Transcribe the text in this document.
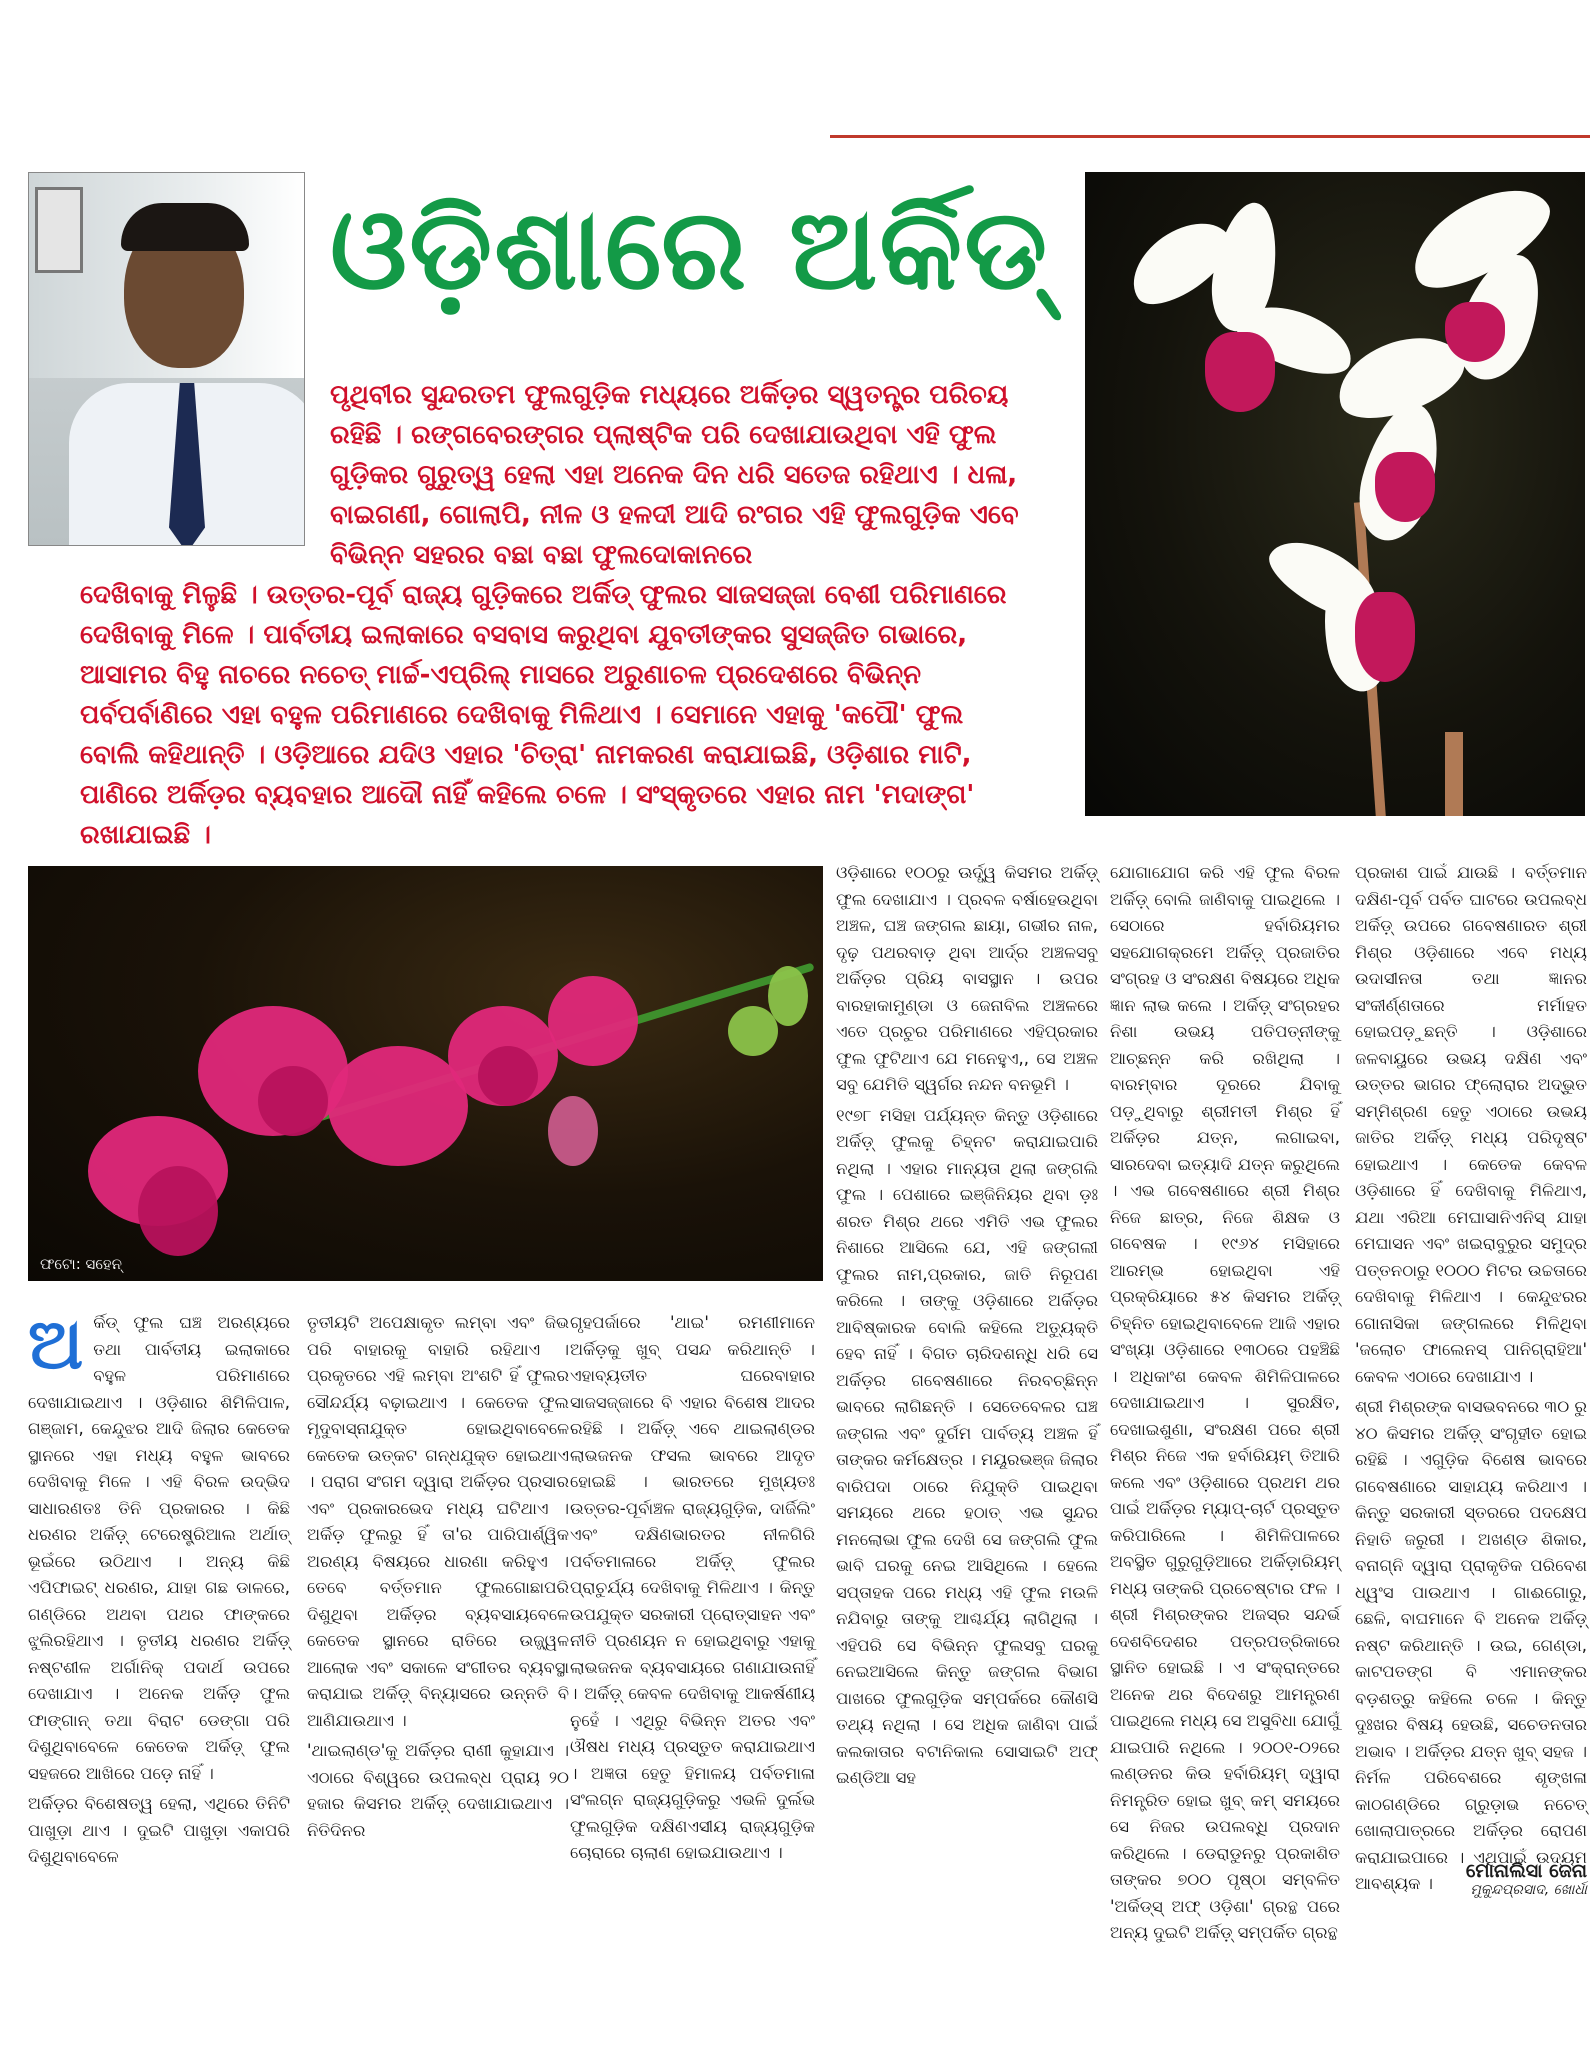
ଓଡ଼ିଶାରେ ଅର୍କିଡ୍

ପୃଥିବୀର ସୁନ୍ଦରତମ ଫୁଲଗୁଡ଼ିକ ମଧ୍ୟରେ ଅର୍କିଡ଼ର ସ୍ୱତନ୍ତ୍ର ପରିଚୟ ରହିଛି । ରଙ୍ଗବେରଙ୍ଗର ପ୍ଲାଷ୍ଟିକ ପରି ଦେଖାଯାଉଥିବା ଏହି ଫୁଲ ଗୁଡ଼ିକର ଗୁରୁତ୍ୱ ହେଲା ଏହା ଅନେକ ଦିନ ଧରି ସତେଜ ରହିଥାଏ । ଧଳା, ବାଇଗଣୀ, ଗୋଲାପି, ନୀଳ ଓ ହଳଦୀ ଆଦି ରଂଗର ଏହି ଫୁଲଗୁଡ଼ିକ ଏବେ ବିଭିନ୍ନ ସହରର ବଛା ବଛା ଫୁଲଦୋକାନରେ

ଦେଖିବାକୁ ମିଳୁଛି । ଉତ୍ତର-ପୂର୍ବ ରାଜ୍ୟ ଗୁଡ଼ିକରେ ଅର୍କିଡ୍ ଫୁଲର ସାଜସଜ୍ଜା ବେଶୀ ପରିମାଣରେ ଦେଖିବାକୁ ମିଳେ । ପାର୍ବତୀୟ ଇଲାକାରେ ବସବାସ କରୁଥିବା ଯୁବତୀଙ୍କର ସୁସଜ୍ଜିତ ଗଭାରେ, ଆସାମର ବିହୁ ନାଚରେ ନଚେତ୍ ମାର୍ଚ୍ଚ-ଏପ୍ରିଲ୍ ମାସରେ ଅରୁଣାଚଳ ପ୍ରଦେଶରେ ବିଭିନ୍ନ ପର୍ବପର୍ବାଣିରେ ଏହା ବହୁଳ ପରିମାଣରେ ଦେଖିବାକୁ ମିଳିଥାଏ । ସେମାନେ ଏହାକୁ 'କପୌ' ଫୁଲ ବୋଲି କହିଥାନ୍ତି । ଓଡ଼ିଆରେ ଯଦିଓ ଏହାର 'ଚିତ୍ରା' ନାମକରଣ କରାଯାଇଛି, ଓଡ଼ିଶାର ମାଟି, ପାଣିରେ ଅର୍କିଡ଼ର ବ୍ୟବହାର ଆଦୌ ନାହିଁ କହିଲେ ଚଳେ । ସଂସ୍କୃତରେ ଏହାର ନାମ 'ମଦାଙ୍ଗ' ରଖାଯାଇଛି ।

ଫଟୋ: ସହେନ୍

ଅର୍କିଡ୍ ଫୁଲ ଘଞ୍ଚ ଅରଣ୍ୟରେ ତଥା ପାର୍ବତୀୟ ଇଲାକାରେ ବହୁଳ ପରିମାଣରେ ଦେଖାଯାଇଥାଏ । ଓଡ଼ିଶାର ଶିମିଳିପାଳ, ଗଞ୍ଜାମ, କେନ୍ଦୁଝର ଆଦି ଜିଲାର କେତେକ ସ୍ଥାନରେ ଏହା ମଧ୍ୟ ବହୁଳ ଭାବରେ ଦେଖିବାକୁ ମିଳେ । ଏହି ବିରଳ ଉଦ୍ଭିଦ ସାଧାରଣତଃ ତିନି ପ୍ରକାରର । କିଛି ଧରଣର ଅର୍କିଡ଼୍ ଟେରେଷ୍ଟ୍ରିଆଲ ଅର୍ଥାତ୍ ଭୂଇଁରେ ଉଠିଥାଏ । ଅନ୍ୟ କିଛି ଏପିଫାଇଟ୍ ଧରଣର, ଯାହା ଗଛ ଡାଳରେ, ଗଣ୍ଡିରେ ଅଥବା ପଥର ଫାଙ୍କରେ ଝୁଲିରହିଥାଏ । ତୃତୀୟ ଧରଣର ଅର୍କିଡ଼୍ ନଷ୍ଟଶୀଳ ଅର୍ଗାନିକ୍ ପଦାର୍ଥ ଉପରେ ଦେଖାଯାଏ । ଅନେକ ଅର୍କିଡ଼ ଫୁଲ ଫାଙ୍ଗାନ୍ ତଥା ବିରାଟ ଡେଙ୍ଗା ପରି ଦିଶୁଥିବାବେଳେ କେତେକ ଅର୍କିଡ଼୍ ଫୁଲ ସହଜରେ ଆଖିରେ ପଡ଼େ ନାହିଁ ।

ଅର୍କିଡ଼ର ବିଶେଷତ୍ୱ ହେଲା, ଏଥିରେ ତିନିଟି ପାଖୁଡ଼ା ଥାଏ । ଦୁଇଟି ପାଖୁଡ଼ା ଏକାପରି ଦିଶୁଥିବାବେଳେ

ତୃତୀୟଟି ଅପେକ୍ଷାକୃତ ଲମ୍ବା ଏବଂ ଜିଭ ପରି ବାହାରକୁ ବାହାରି ରହିଥାଏ । ପ୍ରକୃତରେ ଏହି ଲମ୍ବା ଅଂଶଟି ହିଁ ଫୁଲର ସୌନ୍ଦର୍ଯ୍ୟ ବଢ଼ାଇଥାଏ । କେତେକ ଫୁଲ ମୃଦୁବାସ୍ନାଯୁକ୍ତ ହୋଇଥିବାବେଳେ କେତେକ ଉତ୍କଟ ଗନ୍ଧଯୁକ୍ତ ହୋଇଥାଏ । ପରାଗ ସଂଗମ ଦ୍ୱାରା ଅର୍କିଡ଼ର ପ୍ରସାର ଏବଂ ପ୍ରକାରଭେଦ ମଧ୍ୟ ଘଟିଥାଏ । ଅର୍କିଡ଼ ଫୁଲରୁ ହିଁ ତା'ର ପାରିପାର୍ଶ୍ୱିକ ଅରଣ୍ୟ ବିଷୟରେ ଧାରଣା କରିହୁଏ । ତେବେ ବର୍ତ୍ତମାନ ଫୁଲଗୋଛାପରି ଦିଶୁଥିବା ଅର୍କିଡ଼ର ବ୍ୟବସାୟବେଳେ କେତେକ ସ୍ଥାନରେ ରାତିରେ ଉଜ୍ଜ୍ୱଳ ଆଲୋକ ଏବଂ ସକାଳେ ସଂଗୀତର ବ୍ୟବସ୍ଥା କରାଯାଇ ଅର୍କିଡ଼୍ ବିନ୍ୟାସରେ ଉନ୍ନତି ବି ଆଣିଯାଉଥାଏ ।

'ଥାଇଲାଣ୍ଡ'କୁ ଅର୍କିଡ଼ର ରାଣୀ କୁହାଯାଏ । ଏଠାରେ ବିଶ୍ୱରେ ଉପଲବ୍ଧ ପ୍ରାୟ ୨୦ ହଜାର କିସମର ଅର୍କିଡ଼୍ ଦେଖାଯାଇଥାଏ । ନିତିଦିନର

ଗୃହପର୍ଜାରେ 'ଥାଇ' ରମଣୀମାନେ ଅର୍କିଡ଼କୁ ଖୁବ୍ ପସନ୍ଦ କରିଥାନ୍ତି । ଏହାବ୍ୟତୀତ ଘରେବାହାର ସାଜସଜ୍ଜାରେ ବି ଏହାର ବିଶେଷ ଆଦର ରହିଛି । ଅର୍କିଡ଼୍ ଏବେ ଥାଇଲାଣ୍ଡର ଲାଭଜନକ ଫସଲ ଭାବରେ ଆଦୃତ ହୋଇଛି । ଭାରତରେ ମୁଖ୍ୟତଃ ଉତ୍ତର-ପୂର୍ବାଞ୍ଚଳ ରାଜ୍ୟଗୁଡ଼ିକ, ଦାର୍ଜିଲିଂ ଏବଂ ଦକ୍ଷିଣଭାରତର ନୀଳଗିରି ପର୍ବତମାଳାରେ ଅର୍କିଡ଼୍ ଫୁଲର ପ୍ରାଚୁର୍ଯ୍ୟ ଦେଖିବାକୁ ମିଳିଥାଏ । କିନ୍ତୁ ଉପଯୁକ୍ତ ସରକାରୀ ପ୍ରୋତ୍ସାହନ ଏବଂ ନୀତି ପ୍ରଣୟନ ନ ହୋଇଥିବାରୁ ଏହାକୁ ଲାଭଜନକ ବ୍ୟବସାୟରେ ଗଣାଯାଉନାହିଁ । ଅର୍କିଡ଼୍ କେବଳ ଦେଖିବାକୁ ଆକର୍ଷଣୀୟ ନୁହେଁ । ଏଥିରୁ ବିଭିନ୍ନ ଅତର ଏବଂ ଔଷଧ ମଧ୍ୟ ପ୍ରସ୍ତୁତ କରାଯାଇଥାଏ । ଅଜ୍ଞତା ହେତୁ ହିମାଳୟ ପର୍ବତମାଳା ସଂଲଗ୍ନ ରାଜ୍ୟଗୁଡ଼ିକରୁ ଏଭଳି ଦୁର୍ଲଭ ଫୁଲଗୁଡ଼ିକ ଦକ୍ଷିଣଏସୀୟ ରାଜ୍ୟଗୁଡ଼ିକ ଚୋରାରେ ଚାଲାଣ ହୋଇଯାଉଥାଏ ।

ଓଡ଼ିଶାରେ ୧୦୦ରୁ ଊର୍ଦ୍ଧ୍ୱ କିସମର ଅର୍କିଡ଼୍ ଫୁଲ ଦେଖାଯାଏ । ପ୍ରବଳ ବର୍ଷାହେଉଥିବା ଅଞ୍ଚଳ, ଘଞ୍ଚ ଜଙ୍ଗଲ ଛାୟା, ଗଭୀର ନାଳ, ଦୃଢ଼ ପଥରବାଡ଼ ଥିବା ଆର୍ଦ୍ର ଅଞ୍ଚଳସବୁ ଅର୍କିଡ଼ର ପ୍ରିୟ ବାସସ୍ଥାନ । ଉପର ବାରହାକାମୁଣ୍ଡା ଓ ଜେନାବିଲ ଅଞ୍ଚଳରେ ଏତେ ପ୍ରଚୁର ପରିମାଣରେ ଏହିପ୍ରକାର ଫୁଲ ଫୁଟିଥାଏ ଯେ ମନେହୁଏ,, ସେ ଅଞ୍ଚଳ ସବୁ ଯେମିତି ସ୍ୱର୍ଗର ନନ୍ଦନ ବନଭୂମି ।

୧୯୭୮ ମସିହା ପର୍ଯ୍ୟନ୍ତ କିନ୍ତୁ ଓଡ଼ିଶାରେ ଅର୍କିଡ଼୍ ଫୁଲକୁ ଚିହ୍ନଟ କରାଯାଇପାରି ନଥିଲା । ଏହାର ମାନ୍ୟତା ଥିଲା ଜଙ୍ଗଲି ଫୁଲ । ପେଶାରେ ଇଞ୍ଜିନିୟର ଥିବା ଡ଼ଃ ଶରତ ମିଶ୍ର ଥରେ ଏମିତି ଏଭ ଫୁଲର ନିଶାରେ ଆସିଲେ ଯେ, ଏହି ଜଙ୍ଗଲୀ ଫୁଲର ନାମ,ପ୍ରକାର, ଜାତି ନିରୂପଣ କରିଲେ । ତାଙ୍କୁ ଓଡ଼ିଶାରେ ଅର୍କିଡ଼ର ଆବିଷ୍କାରକ ବୋଲି କହିଲେ ଅତ୍ୟୁକ୍ତି ହେବ ନାହିଁ । ବିଗତ ଚାରିଦଶନ୍ଧି ଧରି ସେ ଅର୍କିଡ଼ର ଗବେଷଣାରେ ନିରବଚ୍ଛିନ୍ନ ଭାବରେ ଲାଗିଛନ୍ତି । ସେତେବେଳର ଘଞ୍ଚ ଜଙ୍ଗଲ ଏବଂ ଦୁର୍ଗମ ପାର୍ବତ୍ୟ ଅଞ୍ଚଳ ହିଁ ତାଙ୍କର କର୍ମକ୍ଷେତ୍ର । ମୟୂରଭଞ୍ଜ ଜିଲାର ବାରିପଦା ଠାରେ ନିଯୁକ୍ତି ପାଇଥିବା ସମୟରେ ଥରେ ହଠାତ୍ ଏଭ ସୁନ୍ଦର ମନଲୋଭା ଫୁଲ ଦେଖି ସେ ଜଙ୍ଗଲି ଫୁଲ ଭାବି ଘରକୁ ନେଇ ଆସିଥିଲେ । ହେଲେ ସପ୍ତାହକ ପରେ ମଧ୍ୟ ଏହି ଫୁଲ ମଉଳି ନଯିବାରୁ ତାଙ୍କୁ ଆଶ୍ଚର୍ଯ୍ୟ ଲାଗିଥିଲା । ଏହିପରି ସେ ବିଭିନ୍ନ ଫୁଲସବୁ ଘରକୁ ନେଇଆସିଲେ କିନ୍ତୁ ଜଙ୍ଗଲ ବିଭାଗ ପାଖରେ ଫୁଲଗୁଡ଼ିକ ସମ୍ପର୍କରେ କୌଣସି ତଥ୍ୟ ନଥିଲା । ସେ ଅଧିକ ଜାଣିବା ପାଇଁ କଲକାତାର ବଟାନିକାଲ ସୋସାଇଟି ଅଫ୍ ଇଣ୍ଡିଆ ସହ

ଯୋଗାଯୋଗ କରି ଏହି ଫୁଲ ବିରଳ ଅର୍କିଡ଼୍ ବୋଲି ଜାଣିବାକୁ ପାଇଥିଲେ । ସେଠାରେ ହର୍ବାରିୟମର ସହଯୋଗକ୍ରମେ ଅର୍କିଡ଼୍ ପ୍ରଜାତିର ସଂଗ୍ରହ ଓ ସଂରକ୍ଷଣ ବିଷୟରେ ଅଧିକ ଜ୍ଞାନ ଲାଭ କଲେ । ଅର୍କିଡ଼୍ ସଂଗ୍ରହର ନିଶା ଉଭୟ ପତିପତ୍ନୀଙ୍କୁ ଆଚ୍ଛନ୍ନ କରି ରଖିଥିଲା । ବାରମ୍ବାର ଦୂରରେ ଯିବାକୁ ପଡ଼ୁଥିବାରୁ ଶ୍ରୀମତୀ ମିଶ୍ର ହିଁ ଅର୍କିଡ଼ର ଯତ୍ନ, ଲଗାଇବା, ସାରଦେବା ଇତ୍ୟାଦି ଯତ୍ନ କରୁଥିଲେ । ଏଭ ଗବେଷଣାରେ ଶ୍ରୀ ମିଶ୍ର ନିଜେ ଛାତ୍ର, ନିଜେ ଶିକ୍ଷକ ଓ ଗବେଷକ । ୧୯୬୪ ମସିହାରେ ଆରମ୍ଭ ହୋଇଥିବା ଏହି ପ୍ରକ୍ରିୟାରେ ୫୪ କିସମର ଅର୍କିଡ଼୍ ଚିହ୍ନିତ ହୋଇଥିବାବେଳେ ଆଜି ଏହାର ସଂଖ୍ୟା ଓଡ଼ିଶାରେ ୧୩୦ରେ ପହଞ୍ଚିଛି । ଅଧିକାଂଶ କେବଳ ଶିମିଳିପାଳରେ ଦେଖାଯାଇଥାଏ । ସୁରକ୍ଷିତ, ଦେଖାଇଶୁଣା, ସଂରକ୍ଷଣ ପରେ ଶ୍ରୀ ମିଶ୍ର ନିଜେ ଏକ ହର୍ବାରିୟମ୍ ତିଆରି କଲେ ଏବଂ ଓଡ଼ିଶାରେ ପ୍ରଥମ ଥର ପାଇଁ ଅର୍କିଡ଼ର ମ୍ୟାପ୍-ଚାର୍ଟ ପ୍ରସ୍ତୁତ କରିପାରିଲେ । ଶିମିଳିପାଳରେ ଅବସ୍ଥିତ ଗୁରୁଗୁଡ଼ିଆରେ ଅର୍କିଡ଼ାରିୟମ୍ ମଧ୍ୟ ତାଙ୍କରି ପ୍ରଚେଷ୍ଟାର ଫଳ । ଶ୍ରୀ ମିଶ୍ରଙ୍କର ଅଜସ୍ର ସନ୍ଦର୍ଭ ଦେଶବିଦେଶର ପତ୍ରପତ୍ରିକାରେ ସ୍ଥାନିତ ହୋଇଛି । ଏ ସଂକ୍ରାନ୍ତରେ ଅନେକ ଥର ବିଦେଶରୁ ଆମନ୍ତ୍ରଣ ପାଇଥିଲେ ମଧ୍ୟ ସେ ଅସୁବିଧା ଯୋଗୁଁ ଯାଇପାରି ନଥିଲେ । ୨୦୦୧-୦୨ରେ ଲଣ୍ଡନର କିଉ ହର୍ବାରିୟମ୍ ଦ୍ୱାରା ନିମନ୍ତ୍ରିତ ହୋଇ ଖୁବ୍ କମ୍ ସମୟରେ ସେ ନିଜର ଉପଲବ୍ଧି ପ୍ରଦାନ କରିଥିଲେ । ଡେରାଡୁନରୁ ପ୍ରକାଶିତ ତାଙ୍କର ୭୦୦ ପୃଷ୍ଠା ସମ୍ବଳିତ 'ଅର୍କିଡ୍ସ୍ ଅଫ୍ ଓଡ଼ିଶା' ଗ୍ରନ୍ଥ ପରେ ଅନ୍ୟ ଦୁଇଟି ଅର୍କିଡ଼୍ ସମ୍ପର୍କିତ ଗ୍ରନ୍ଥ

ପ୍ରକାଶ ପାଇଁ ଯାଉଛି । ବର୍ତ୍ତମାନ ଦକ୍ଷିଣ-ପୂର୍ବ ପର୍ବତ ଘାଟରେ ଉପଲବ୍ଧ ଅର୍କିଡ଼୍ ଉପରେ ଗବେଷଣାରତ ଶ୍ରୀ ମିଶ୍ର ଓଡ଼ିଶାରେ ଏବେ ମଧ୍ୟ ଉଦାସୀନତା ତଥା ଜ୍ଞାନର ସଂକୀର୍ଣ୍ଣତାରେ ମର୍ମାହତ ହୋଇପଡ଼ୁଛନ୍ତି । ଓଡ଼ିଶାରେ ଜଳବାୟୁରେ ଉଭୟ ଦକ୍ଷିଣ ଏବଂ ଉତ୍ତର ଭାଗର ଫ୍ଲୋରାର ଅଦ୍ଭୁତ ସମ୍ମିଶ୍ରଣ ହେତୁ ଏଠାରେ ଉଭୟ ଜାତିର ଅର୍କିଡ଼୍ ମଧ୍ୟ ପରିଦୃଷ୍ଟ ହୋଇଥାଏ । କେତେକ କେବଳ ଓଡ଼ିଶାରେ ହିଁ ଦେଖିବାକୁ ମିଳିଥାଏ, ଯଥା ଏରିଆ ମେଘାସାନିଏନିସ୍ ଯାହା ମେଘାସନ ଏବଂ ଖଇରାବୁରୁର ସମୁଦ୍ର ପତ୍ତନଠାରୁ ୧୦୦୦ ମିଟର ଉଚ୍ଚତାରେ ଦେଖିବାକୁ ମିଳିଥାଏ । କେନ୍ଦୁଝରର ଗୋନାସିକା ଜଙ୍ଗଲରେ ମିଳିଥିବା 'ଜଲୋଚ ଫାଲେନସ୍ ପାନିଗ୍ରାହିଆ' କେବଳ ଏଠାରେ ଦେଖାଯାଏ ।

ଶ୍ରୀ ମିଶ୍ରଙ୍କ ବାସଭବନରେ ୩୦ ରୁ ୪୦ କିସମର ଅର୍କିଡ଼୍ ସଂଗୃହୀତ ହୋଇ ରହିଛି । ଏଗୁଡ଼ିକ ବିଶେଷ ଭାବରେ ଗବେଷଣାରେ ସାହାଯ୍ୟ କରିଥାଏ । କିନ୍ତୁ ସରକାରୀ ସ୍ତରରେ ପଦକ୍ଷେପ ନିହାତି ଜରୁରୀ । ଅଖଣ୍ଡ ଶିକାର, ବନାଗ୍ନି ଦ୍ୱାରା ପ୍ରାକୃତିକ ପରିବେଶ ଧ୍ୱଂସ ପାଉଥାଏ । ଗାଈଗୋରୁ, ଛେଳି, ବାଘମାନେ ବି ଅନେକ ଅର୍କିଡ଼୍ ନଷ୍ଟ କରିଥାନ୍ତି । ଉଇ, ଗେଣ୍ଡା, କାଟପତଙ୍ଗ ବି ଏମାନଙ୍କର ବଡ଼ଶତ୍ରୁ କହିଲେ ଚଳେ । କିନ୍ତୁ ଦୁଃଖର ବିଷୟ ହେଉଛି, ସଚେତନତାର ଅଭାବ । ଅର୍କିଡ଼ର ଯତ୍ନ ଖୁବ୍ ସହଜ । ନିର୍ମଳ ପରିବେଶରେ ଶୃଙ୍ଖଳା କାଠଗଣ୍ଡିରେ ଗ୍ରୁଡ଼ାଭ ନଚେତ୍ ଖୋଲାପାତ୍ରରେ ଅର୍କିଡ଼ର ରୋପଣ କରାଯାଇପାରେ । ଏଥିପାଇଁ ଉଦ୍ୟମ ଆବଶ୍ୟକ ।

ମୋନାଲିସା ଜେନା
ମୁକୁନ୍ଦପ୍ରସାଦ, ଖୋର୍ଧା
